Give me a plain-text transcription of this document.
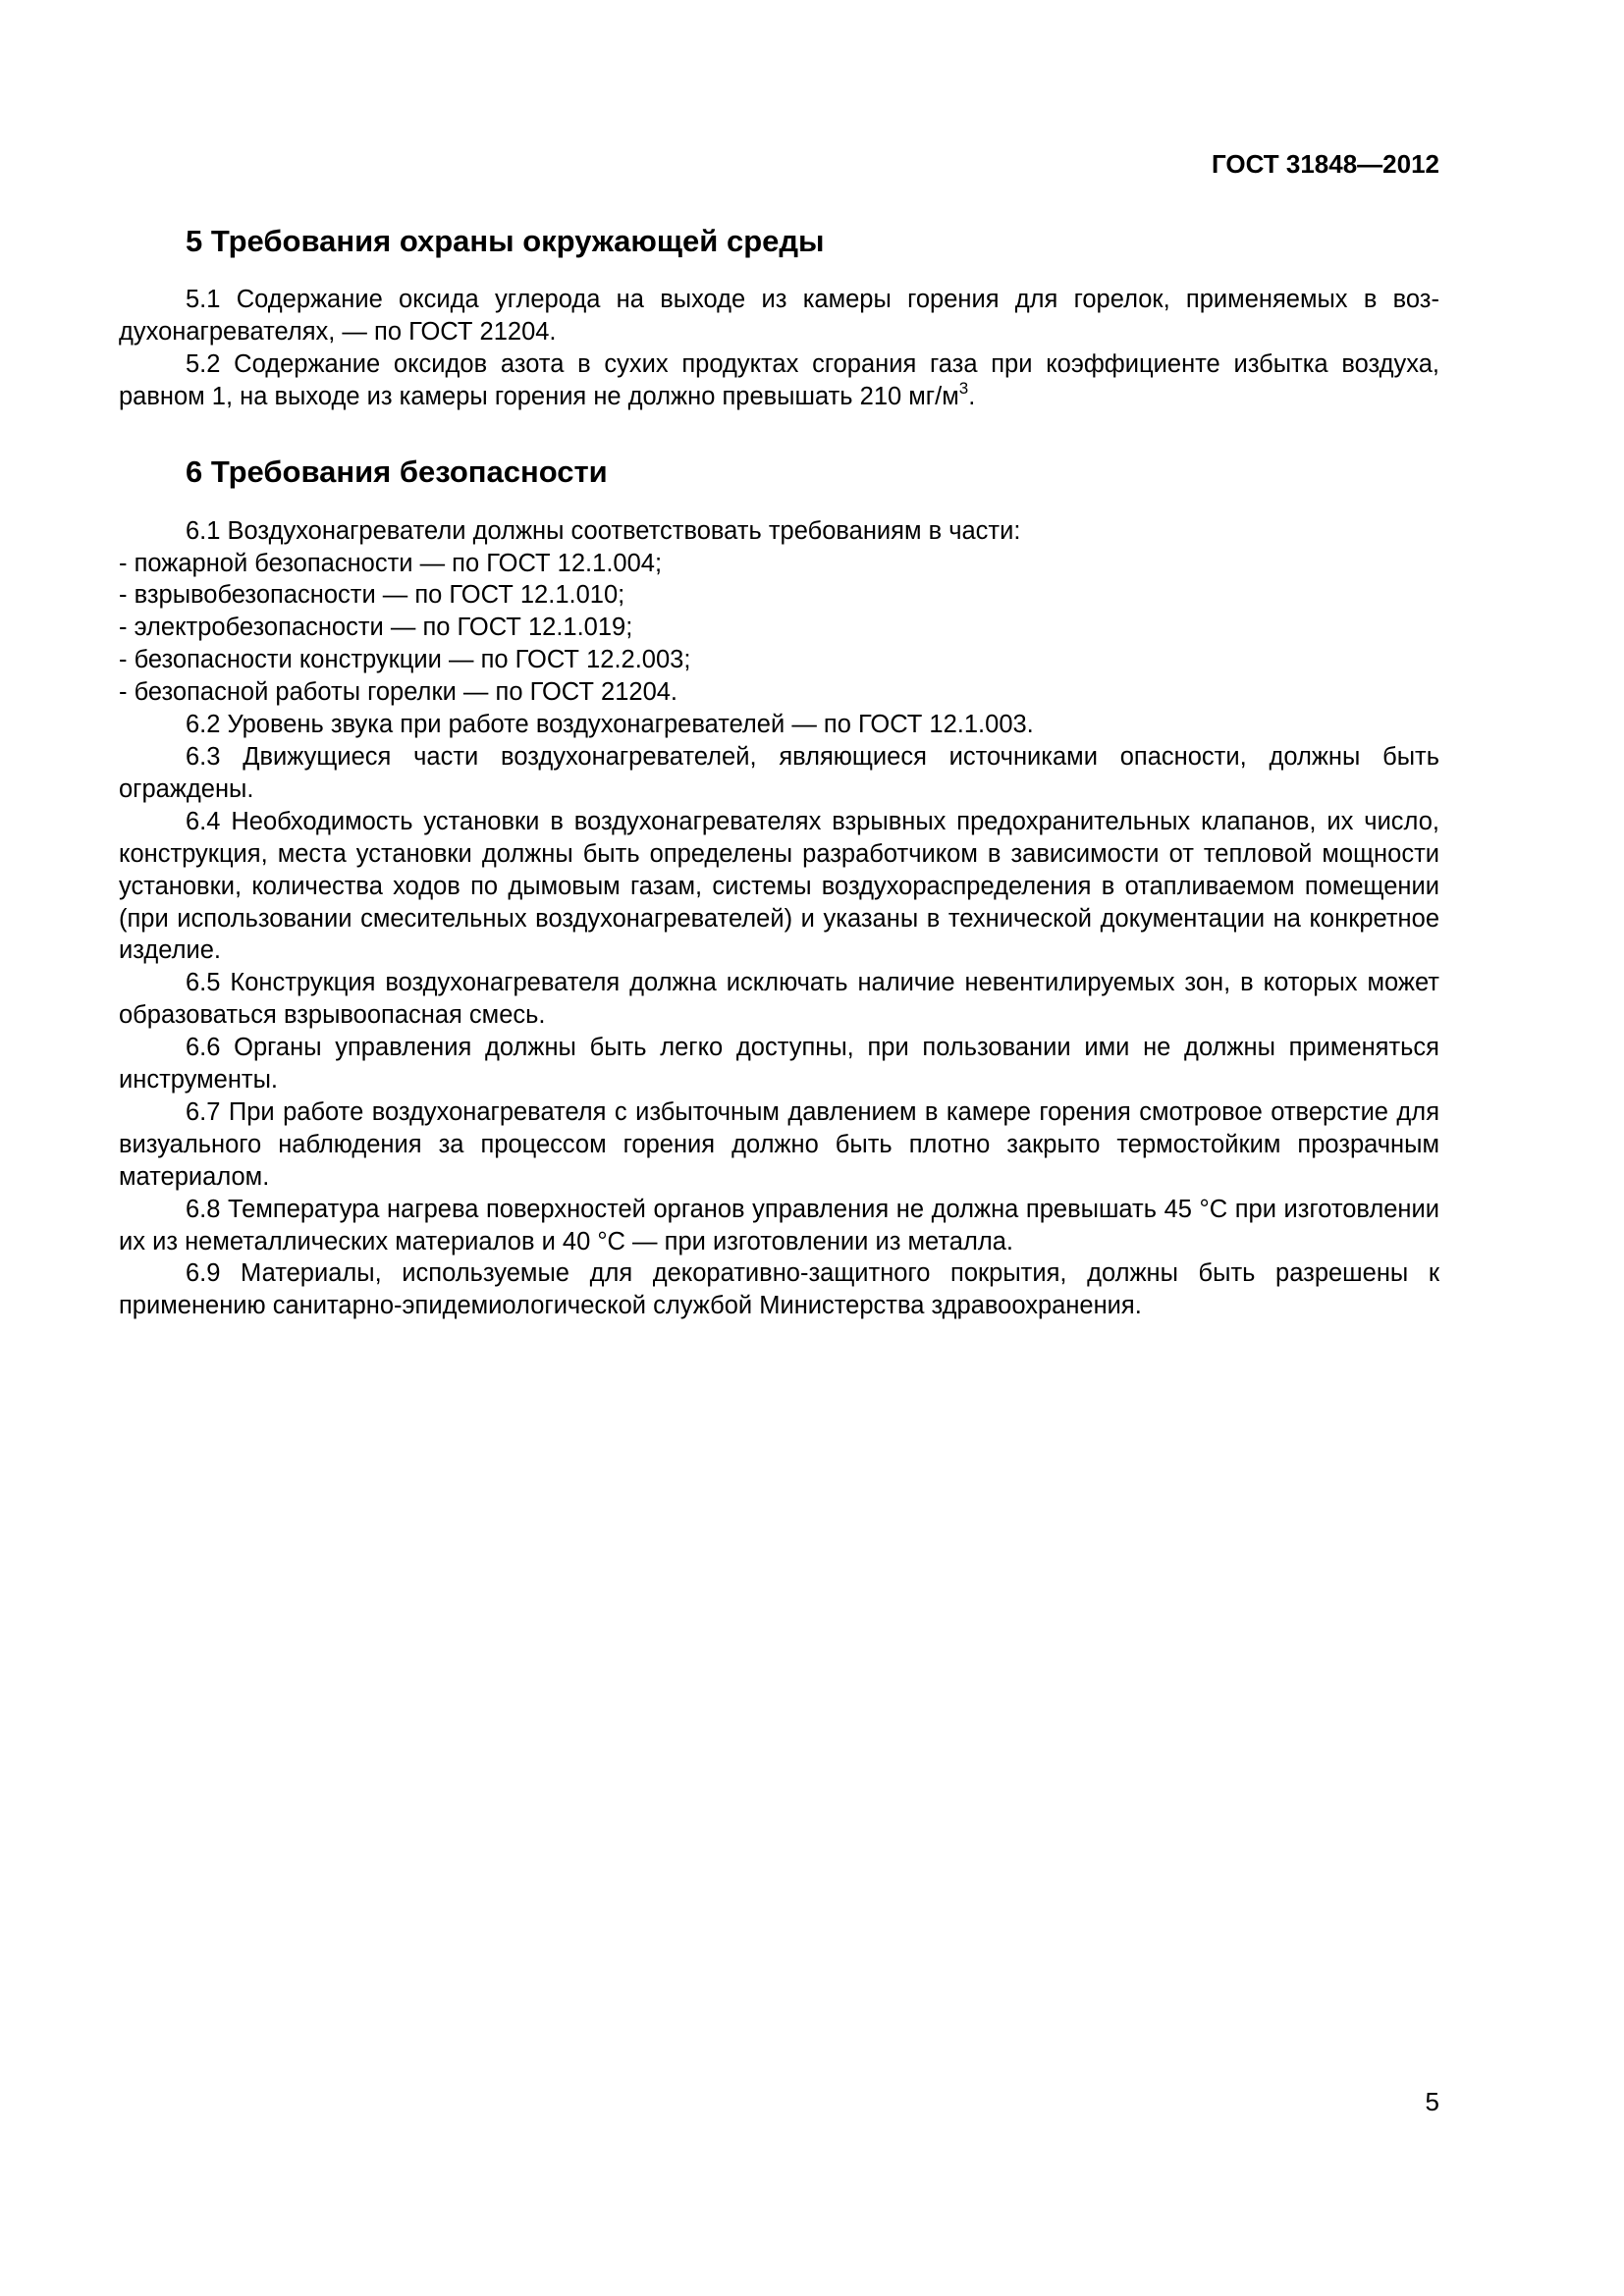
ГОСТ 31848—2012
5 Требования охраны окружающей среды

5.1 Содержание оксида углерода на выходе из камеры горения для горелок, применяемых в воздухонагревателях, — по ГОСТ 21204.

5.2 Содержание оксидов азота в сухих продуктах сгорания газа при коэффициенте избытка воздуха, равном 1, на выходе из камеры горения не должно превышать 210 $мг/м^3$.

6 Требования безопасности

6.1 Воздухонагреватели должны соответствовать требованиям в части:

- пожарной безопасности — по ГОСТ 12.1.004;
- взрывобезопасности — по ГОСТ 12.1.010;
- электробезопасности — по ГОСТ 12.1.019;
- безопасности конструкции — по ГОСТ 12.2.003;
- безопасной работы горелки — по ГОСТ 21204.

6.2 Уровень звука при работе воздухонагревателей — по ГОСТ 12.1.003.

6.3 Движущиеся части воздухонагревателей, являющиеся источниками опасности, должны быть ограждены.

6.4 Необходимость установки в воздухонагревателях взрывных предохранительных клапанов, их число, конструкция, места установки должны быть определены разработчиком в зависимости от тепловой мощности установки, количества ходов по дымовым газам, системы воздухораспределения в отапливаемом помещении (при использовании смесительных воздухонагревателей) и указаны в технической документации на конкретное изделие.

6.5 Конструкция воздухонагревателя должна исключать наличие невентилируемых зон, в которых может образоваться взрывоопасная смесь.

6.6 Органы управления должны быть легко доступны, при пользовании ими не должны применяться инструменты.

6.7 При работе воздухонагревателя с избыточным давлением в камере горения смотровое отверстие для визуального наблюдения за процессом горения должно быть плотно закрыто термостойким прозрачным материалом.

6.8 Температура нагрева поверхностей органов управления не должна превышать 45 °С при изготовлении их из неметаллических материалов и 40 °С — при изготовлении из металла.

6.9 Материалы, используемые для декоративно-защитного покрытия, должны быть разрешены к применению санитарно-эпидемиологической службой Министерства здравоохранения.

5
